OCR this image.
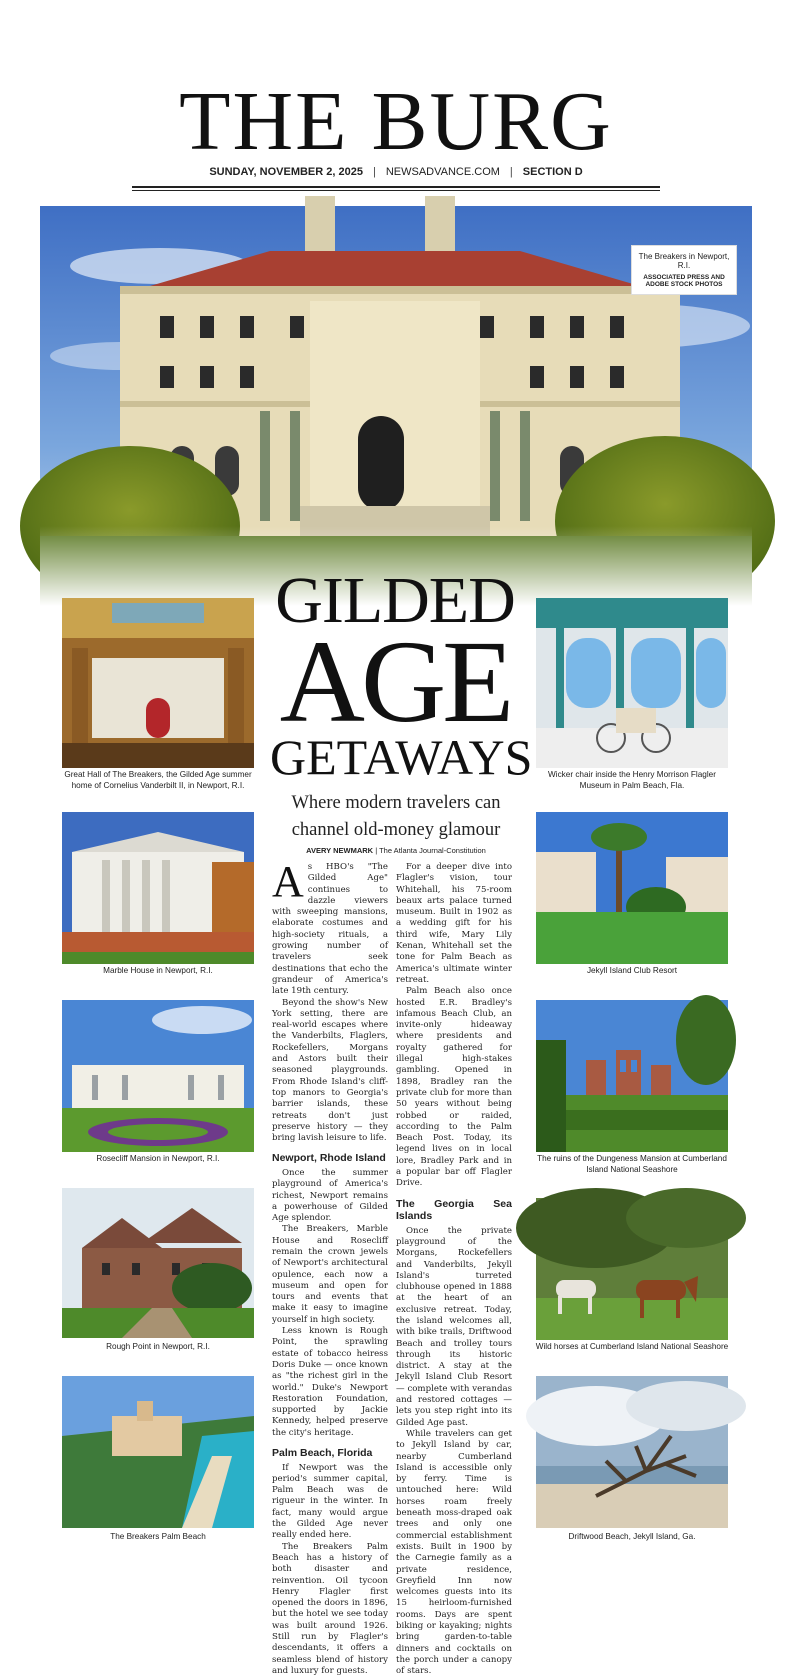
THE BURG
SUNDAY, NOVEMBER 2, 2025 | NEWSADVANCE.COM | SECTION D
The Breakers in Newport, R.I.
ASSOCIATED PRESS AND ADOBE STOCK PHOTOS
GILDED
AGE
GETAWAYS
Where modern travelers can channel old-money glamour
AVERY NEWMARK | The Atlanta Journal-Constitution

As HBO's "The Gilded Age" continues to dazzle viewers with sweeping mansions, elaborate costumes and high-society rituals, a growing number of travelers seek destinations that echo the grandeur of America's late 19th century.

Beyond the show's New York setting, there are real-world escapes where the Vanderbilts, Flaglers, Rockefellers, Morgans and Astors built their seasoned playgrounds. From Rhode Island's cliff-top manors to Georgia's barrier islands, these retreats don't just preserve history — they bring lavish leisure to life.

Newport, Rhode Island

Once the summer playground of America's richest, Newport remains a powerhouse of Gilded Age splendor.

The Breakers, Marble House and Rosecliff remain the crown jewels of Newport's architectural opulence, each now a museum and open for tours and events that make it easy to imagine yourself in high society.

Less known is Rough Point, the sprawling estate of tobacco heiress Doris Duke — once known as "the richest girl in the world." Duke's Newport Restoration Foundation, supported by Jackie Kennedy, helped preserve the city's heritage.

Palm Beach, Florida

If Newport was the period's summer capital, Palm Beach was de rigueur in the winter. In fact, many would argue the Gilded Age never really ended here.

The Breakers Palm Beach has a history of both disaster and reinvention. Oil tycoon Henry Flagler first opened the doors in 1896, but the hotel we see today was built around 1926. Still run by Flagler's descendants, it offers a seamless blend of history and luxury for guests.

For a deeper dive into Flagler's vision, tour Whitehall, his 75-room beaux arts palace turned museum. Built in 1902 as a wedding gift for his third wife, Mary Lily Kenan, Whitehall set the tone for Palm Beach as America's ultimate winter retreat.

Palm Beach also once hosted E.R. Bradley's infamous Beach Club, an invite-only hideaway where presidents and royalty gathered for illegal high-stakes gambling. Opened in 1898, Bradley ran the private club for more than 50 years without being robbed or raided, according to the Palm Beach Post. Today, its legend lives on in local lore, Bradley Park and in a popular bar off Flagler Drive.

The Georgia Sea Islands

Once the private playground of the Morgans, Rockefellers and Vanderbilts, Jekyll Island's turreted clubhouse opened in 1888 at the heart of an exclusive retreat. Today, the island welcomes all, with bike trails, Driftwood Beach and trolley tours through its historic district. A stay at the Jekyll Island Club Resort — complete with verandas and restored cottages — lets you step right into its Gilded Age past.

While travelers can get to Jekyll Island by car, nearby Cumberland Island is accessible only by ferry. Time is untouched here: Wild horses roam freely beneath moss-draped oak trees and only one commercial establishment exists. Built in 1900 by the Carnegie family as a private residence, Greyfield Inn now welcomes guests into its 15 heirloom-furnished rooms. Days are spent biking or kayaking; nights bring garden-to-table dinners and cocktails on the porch under a canopy of stars.

Great Hall of The Breakers, the Gilded Age summer home of Cornelius Vanderbilt II, in Newport, R.I.
Marble House in Newport, R.I.
Rosecliff Mansion in Newport, R.I.
Rough Point in Newport, R.I.
The Breakers Palm Beach
Wicker chair inside the Henry Morrison Flagler Museum in Palm Beach, Fla.
Jekyll Island Club Resort
The ruins of the Dungeness Mansion at Cumberland Island National Seashore
Wild horses at Cumberland Island National Seashore
Driftwood Beach, Jekyll Island, Ga.
